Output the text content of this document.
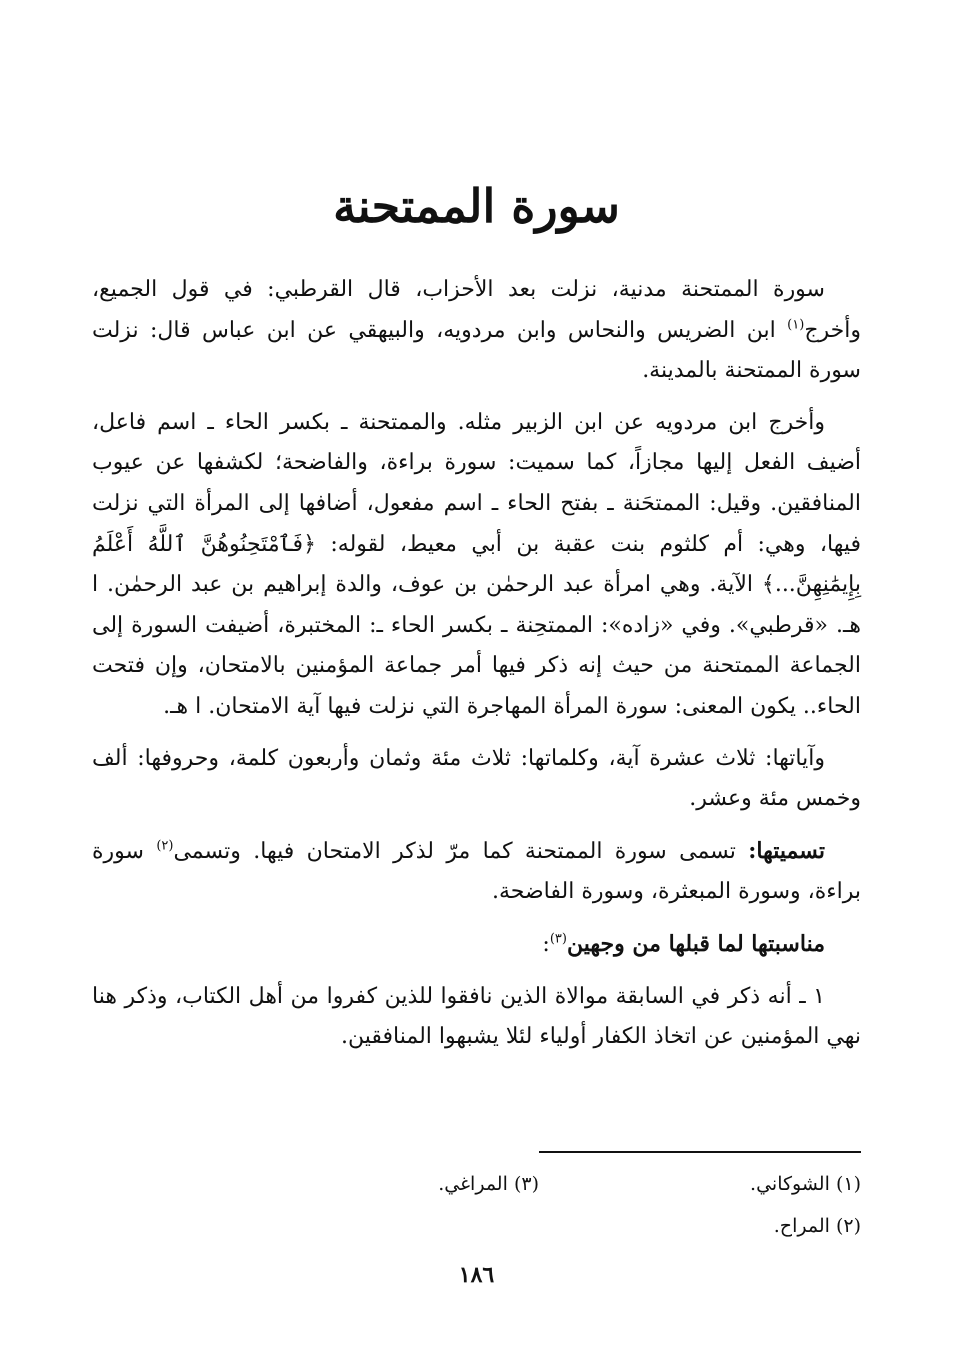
سورة الممتحنة

سورة الممتحنة مدنية، نزلت بعد الأحزاب، قال القرطبي: في قول الجميع، وأخرج$^{(١)}$ ابن الضريس والنحاس وابن مردويه، والبيهقي عن ابن عباس قال: نزلت سورة الممتحنة بالمدينة.

وأخرج ابن مردويه عن ابن الزبير مثله. والممتحنة ـ بكسر الحاء ـ اسم فاعل، أضيف الفعل إليها مجازاً، كما سميت: سورة براءة، والفاضحة؛ لكشفها عن عيوب المنافقين. وقيل: الممتحَنة ـ بفتح الحاء ـ اسم مفعول، أضافها إلى المرأة التي نزلت فيها، وهي: أم كلثوم بنت عقبة بن أبي معيط، لقوله: ﴿فَٱمْتَحِنُوهُنَّ ٱللَّهُ أَعْلَمُ بِإِيمَٰنِهِنَّ...﴾ الآية. وهي امرأة عبد الرحمٰن بن عوف، والدة إبراهيم بن عبد الرحمٰن. ا هـ. «قرطبي». وفي «زاده»: الممتحِنة ـ بكسر الحاء ـ: المختبرة، أضيفت السورة إلى الجماعة الممتحنة من حيث إنه ذكر فيها أمر جماعة المؤمنين بالامتحان، وإن فتحت الحاء.. يكون المعنى: سورة المرأة المهاجرة التي نزلت فيها آية الامتحان. ا هـ.

وآياتها: ثلاث عشرة آية، وكلماتها: ثلاث مئة وثمان وأربعون كلمة، وحروفها: ألف وخمس مئة وعشر.

تسميتها: تسمى سورة الممتحنة كما مرّ لذكر الامتحان فيها. وتسمى$^{(٢)}$ سورة براءة، وسورة المبعثرة، وسورة الفاضحة.

مناسبتها لما قبلها من وجهين$^{(٣)}$:

١ ـ أنه ذكر في السابقة موالاة الذين نافقوا للذين كفروا من أهل الكتاب، وذكر هنا نهي المؤمنين عن اتخاذ الكفار أولياء لئلا يشبهوا المنافقين.

(١) الشوكاني.
(٣) المراغي.
(٢) المراح.
١٨٦
